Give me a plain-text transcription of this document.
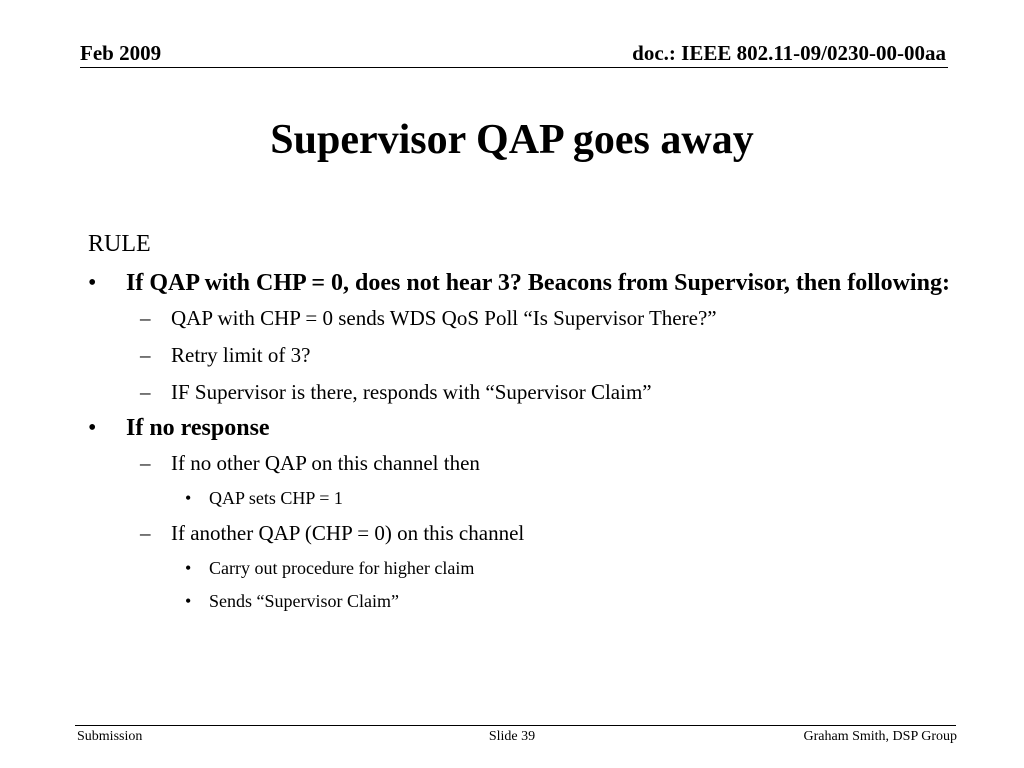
Feb 2009	doc.: IEEE 802.11-09/0230-00-00aa
Supervisor QAP goes away
RULE
• If QAP with CHP = 0, does not hear 3? Beacons from Supervisor, then following:
– QAP with CHP = 0 sends WDS QoS Poll “Is Supervisor There?”
– Retry limit of 3?
– IF Supervisor is there, responds with “Supervisor Claim”
• If no response
– If no other QAP on this channel then
• QAP sets CHP = 1
– If another QAP (CHP = 0) on this channel
• Carry out procedure for higher claim
• Sends “Supervisor Claim”
Submission	Slide 39	Graham Smith, DSP Group
